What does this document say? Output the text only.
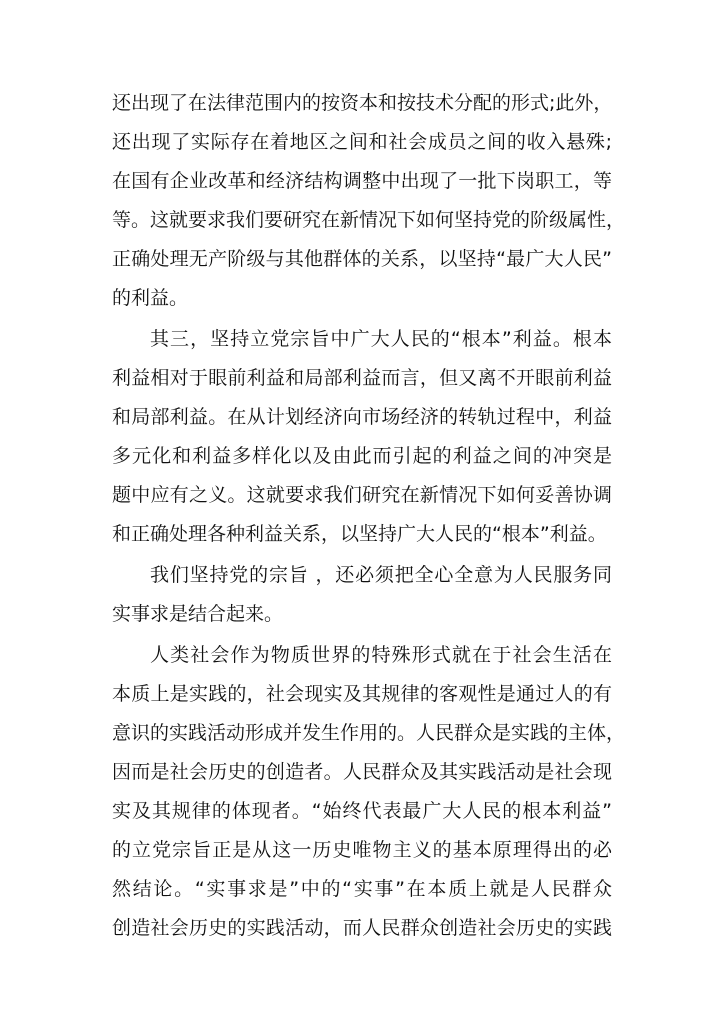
还出现了在法律范围内的按资本和按技术分配的形式;此外，
还出现了实际存在着地区之间和社会成员之间的收入悬殊;
在国有企业改革和经济结构调整中出现了一批下岗职工，等
等。这就要求我们要研究在新情况下如何坚持党的阶级属性，
正确处理无产阶级与其他群体的关系，以坚持“最广大人民”
的利益。
其三，坚持立党宗旨中广大人民的“根本”利益。根本
利益相对于眼前利益和局部利益而言，但又离不开眼前利益
和局部利益。在从计划经济向市场经济的转轨过程中，利益
多元化和利益多样化以及由此而引起的利益之间的冲突是
题中应有之义。这就要求我们研究在新情况下如何妥善协调
和正确处理各种利益关系，以坚持广大人民的“根本”利益。
我们坚持党的宗旨 ，还必须把全心全意为人民服务同
实事求是结合起来。
人类社会作为物质世界的特殊形式就在于社会生活在
本质上是实践的，社会现实及其规律的客观性是通过人的有
意识的实践活动形成并发生作用的。人民群众是实践的主体，
因而是社会历史的创造者。人民群众及其实践活动是社会现
实及其规律的体现者。“始终代表最广大人民的根本利益”
的立党宗旨正是从这一历史唯物主义的基本原理得出的必
然结论。“实事求是”中的“实事”在本质上就是人民群众
创造社会历史的实践活动，而人民群众创造社会历史的实践
